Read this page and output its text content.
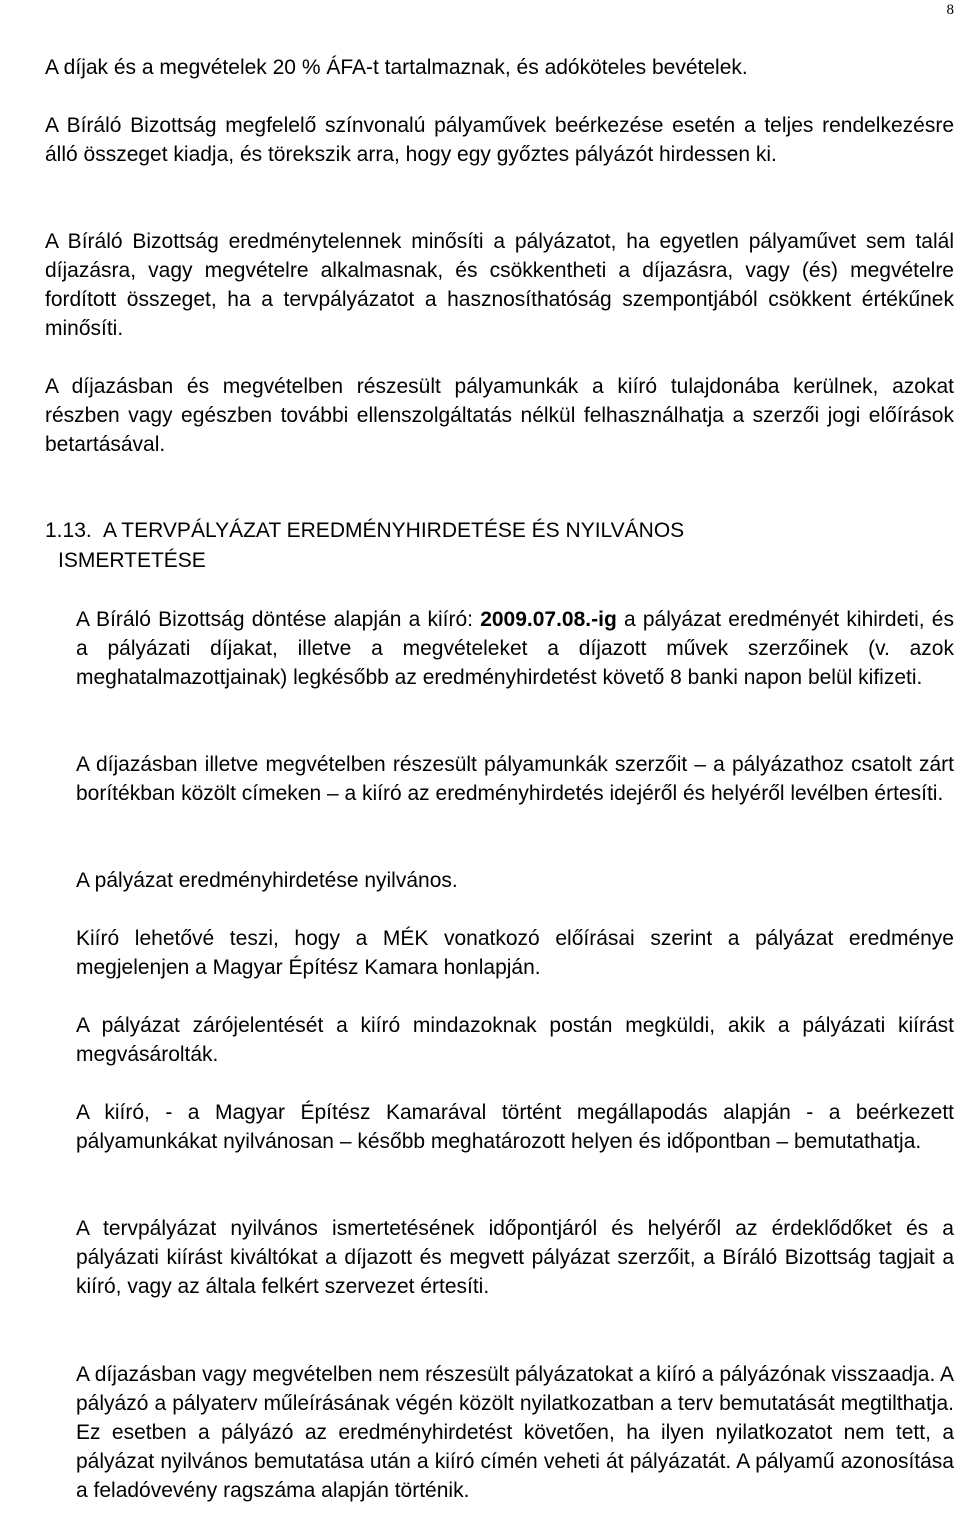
8

A díjak és a megvételek 20 % ÁFA-t tartalmaznak, és adóköteles bevételek.

A Bíráló Bizottság megfelelő színvonalú pályaművek beérkezése esetén a teljes rendelkezésre álló összeget kiadja, és törekszik arra, hogy egy győztes pályázót hirdessen ki.

A Bíráló Bizottság eredménytelennek minősíti a pályázatot, ha egyetlen pályaművet sem talál díjazásra, vagy megvételre alkalmasnak, és csökkentheti a díjazásra, vagy (és) megvételre fordított összeget, ha a tervpályázatot a hasznosíthatóság szempontjából csökkent értékűnek minősíti.

A díjazásban és megvételben részesült pályamunkák a kiíró tulajdonába kerülnek, azokat részben vagy egészben további ellenszolgáltatás nélkül felhasználhatja a szerzői jogi előírások betartásával.

1.13. A TERVPÁLYÁZAT EREDMÉNYHIRDETÉSE ÉS NYILVÁNOS
ISMERTETÉSE

A Bíráló Bizottság döntése alapján a kiíró: 2009.07.08.-ig a pályázat eredményét kihirdeti, és a pályázati díjakat, illetve a megvételeket a díjazott művek szerzőinek (v. azok meghatalmazottjainak) legkésőbb az eredményhirdetést követő 8 banki napon belül kifizeti.

A díjazásban illetve megvételben részesült pályamunkák szerzőit – a pályázathoz csatolt zárt borítékban közölt címeken – a kiíró az eredményhirdetés idejéről és helyéről levélben értesíti.

A pályázat eredményhirdetése nyilvános.

Kiíró lehetővé teszi, hogy a MÉK vonatkozó előírásai szerint a pályázat eredménye megjelenjen a Magyar Építész Kamara honlapján.

A pályázat zárójelentését a kiíró mindazoknak postán megküldi, akik a pályázati kiírást megvásárolták.

A kiíró, - a Magyar Építész Kamarával történt megállapodás alapján - a beérkezett pályamunkákat nyilvánosan – később meghatározott helyen és időpontban – bemutathatja.

A tervpályázat nyilvános ismertetésének időpontjáról és helyéről az érdeklődőket és a pályázati kiírást kiváltókat a díjazott és megvett pályázat szerzőit, a Bíráló Bizottság tagjait a kiíró, vagy az általa felkért szervezet értesíti.

A díjazásban vagy megvételben nem részesült pályázatokat a kiíró a pályázónak visszaadja. A pályázó a pályaterv műleírásának végén közölt nyilatkozatban a terv bemutatását megtilthatja. Ez esetben a pályázó az eredményhirdetést követően, ha ilyen nyilatkozatot nem tett, a pályázat nyilvános bemutatása után a kiíró címén veheti át pályázatát. A pályamű azonosítása a feladóvevény ragszáma alapján történik.
